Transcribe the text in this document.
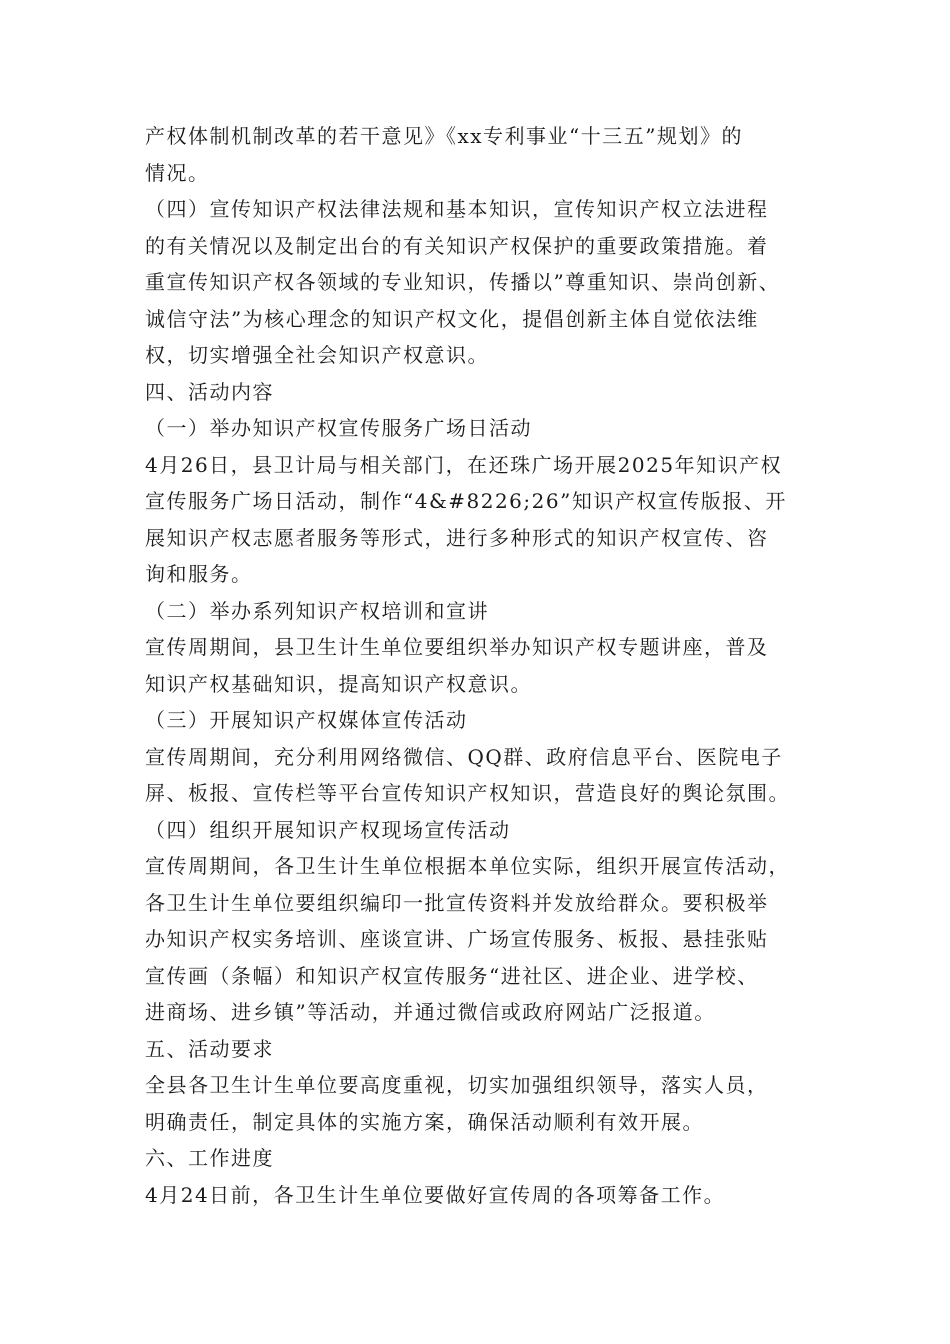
产权体制机制改革的若干意见》《xx专利事业“十三五”规划》的
情况。
（四）宣传知识产权法律法规和基本知识，宣传知识产权立法进程
的有关情况以及制定出台的有关知识产权保护的重要政策措施。着
重宣传知识产权各领域的专业知识，传播以”尊重知识、崇尚创新、
诚信守法”为核心理念的知识产权文化，提倡创新主体自觉依法维
权，切实增强全社会知识产权意识。
四、活动内容
（一）举办知识产权宣传服务广场日活动
4月26日，县卫计局与相关部门，在还珠广场开展2025年知识产权
宣传服务广场日活动，制作“4&#8226;26”知识产权宣传版报、开
展知识产权志愿者服务等形式，进行多种形式的知识产权宣传、咨
询和服务。
（二）举办系列知识产权培训和宣讲
宣传周期间，县卫生计生单位要组织举办知识产权专题讲座，普及
知识产权基础知识，提高知识产权意识。
（三）开展知识产权媒体宣传活动
宣传周期间，充分利用网络微信、QQ群、政府信息平台、医院电子
屏、板报、宣传栏等平台宣传知识产权知识，营造良好的舆论氛围。
（四）组织开展知识产权现场宣传活动
宣传周期间，各卫生计生单位根据本单位实际，组织开展宣传活动，
各卫生计生单位要组织编印一批宣传资料并发放给群众。要积极举
办知识产权实务培训、座谈宣讲、广场宣传服务、板报、悬挂张贴
宣传画（条幅）和知识产权宣传服务“进社区、进企业、进学校、
进商场、进乡镇”等活动，并通过微信或政府网站广泛报道。
五、活动要求
全县各卫生计生单位要高度重视，切实加强组织领导，落实人员，
明确责任，制定具体的实施方案，确保活动顺利有效开展。
六、工作进度
4月24日前，各卫生计生单位要做好宣传周的各项筹备工作。
